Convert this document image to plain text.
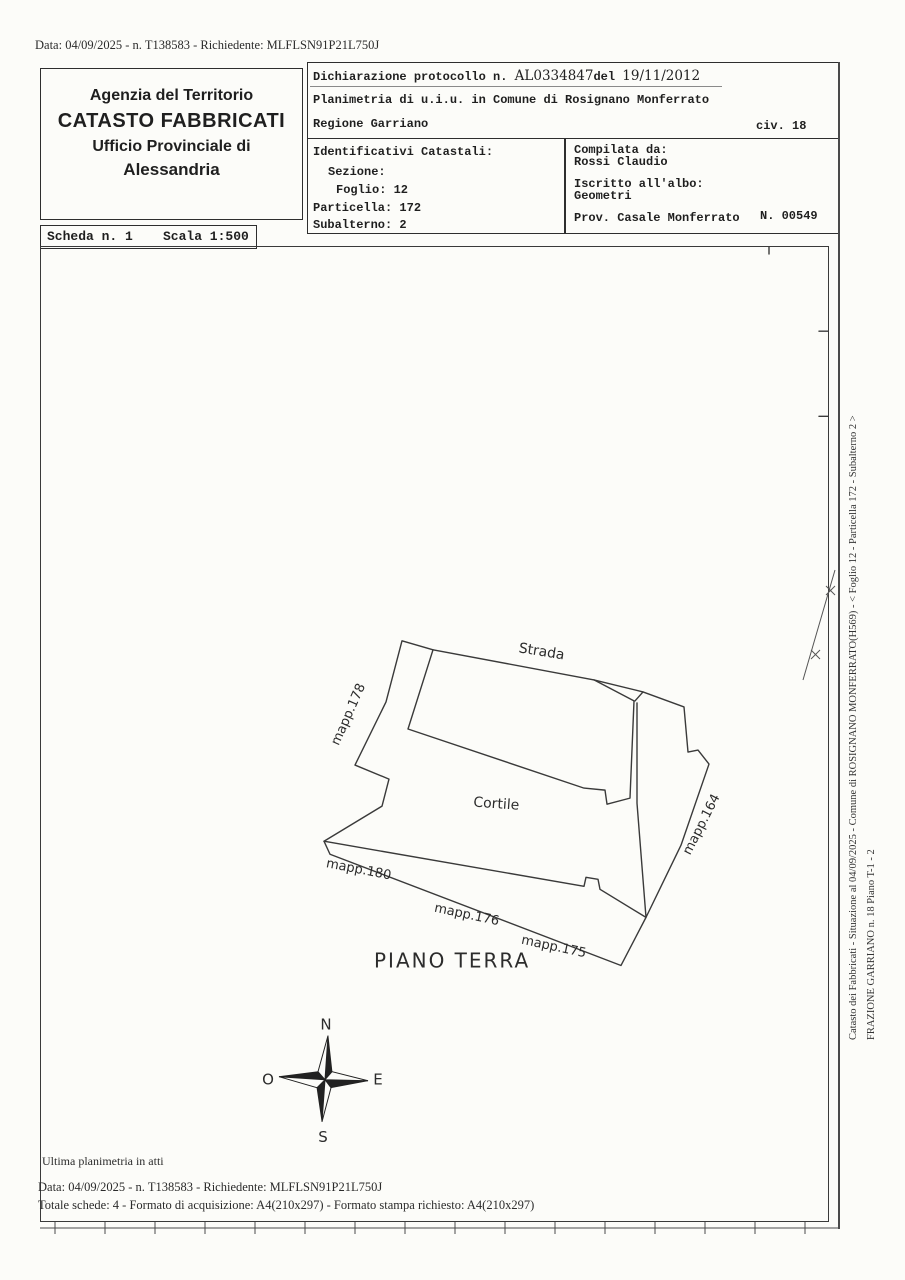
Data: 04/09/2025 - n. T138583 - Richiedente: MLFLSN91P21L750J
Agenzia del Territorio
CATASTO FABBRICATI
Ufficio Provinciale di
Alessandria
Scheda n. 1 Scala 1:500
Dichiarazione protocollo n. AL0334847del 19/11/2012
Planimetria di u.i.u. in Comune di Rosignano Monferrato
Regione Garriano	civ. 18
Identificativi Catastali:
Sezione:
Foglio: 12
Particella: 172
Subalterno: 2
Compilata da:
Rossi Claudio
Iscritto all'albo:
Geometri
Prov. Casale Monferrato N. 00549
N
S
O	E
Strada
mapp.178
Cortile	mapp.164
mapp.180
mapp.176
mapp.175
PIANO TERRA
Ultima planimetria in atti
Data: 04/09/2025 - n. T138583 - Richiedente: MLFLSN91P21L750J
Totale schede: 4 - Formato di acquisizione: A4(210x297) - Formato stampa richiesto: A4(210x297)
Catasto dei Fabbricati - Situazione al 04/09/2025 - Comune di ROSIGNANO MONFERRATO(H569) - < Foglio 12 - Particella 172 - Subalterno 2 > FRAZIONE GARRIANO n. 18 Piano T-1 - 2
